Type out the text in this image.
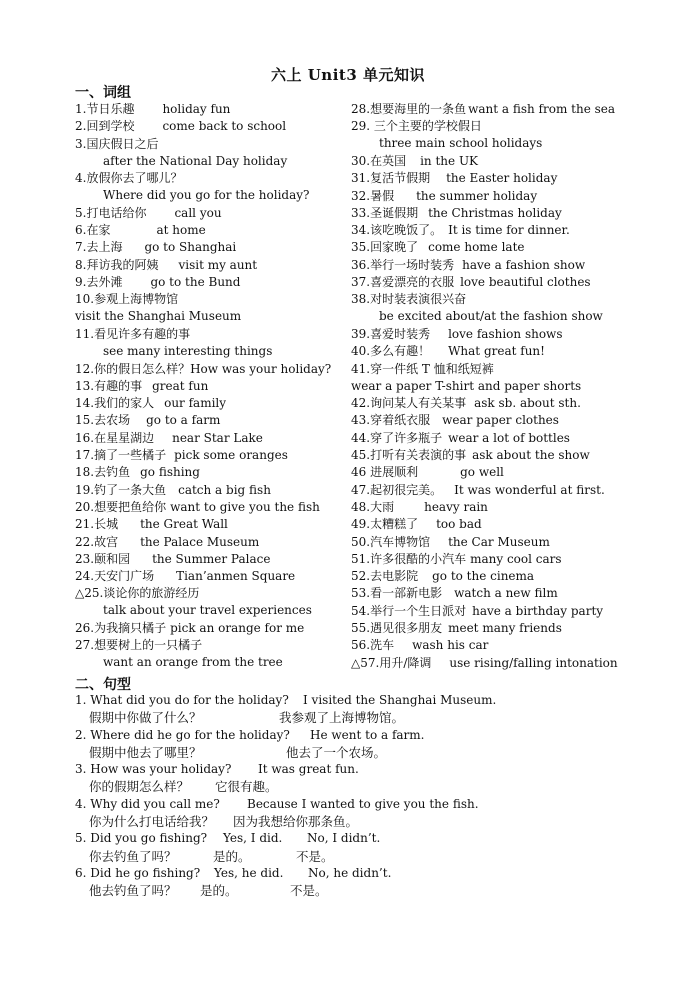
六上 Unit3 单元知识
一、词组
1.节日乐趣 holiday fun
2.回到学校 come back to school
3.国庆假日之后
after the National Day holiday
4.放假你去了哪儿？
Where did you go for the holiday?
5.打电话给你 call you
6.在家	at home
7.去上海 go to Shanghai
8.拜访我的阿姨 visit my aunt
9.去外滩 go to the Bund
10.参观上海博物馆
visit the Shanghai Museum
11.看见许多有趣的事
see many interesting things
12.你的假日怎么样？How was your holiday?
13.有趣的事 great fun
14.我们的家人 our family
15.去农场 go to a farm
16.在星星湖边 near Star Lake
17.摘了一些橘子 pick some oranges
18.去钓鱼 go fishing
19.钓了一条大鱼 catch a big fish
20.想要把鱼给你 want to give you the fish
21.长城 the Great Wall
22.故宫 the Palace Museum
23.颐和园 the Summer Palace
24.天安门广场 Tian’anmen Square
△25.谈论你的旅游经历
talk about your travel experiences
26.为我摘只橘子 pick an orange for me
27.想要树上的一只橘子
want an orange from the tree
28.想要海里的一条鱼 want a fish from the sea
29. 三个主要的学校假日
three main school holidays
30.在英国 in the UK
31.复活节假期 the Easter holiday
32.暑假 the summer holiday
33.圣诞假期 the Christmas holiday
34.该吃晚饭了。 It is time for dinner.
35.回家晚了 come home late
36.举行一场时装秀 have a fashion show
37.喜爱漂亮的衣服 love beautiful clothes
38.对时装表演很兴奋
be excited about/at the fashion show
39.喜爱时装秀 love fashion shows
40.多么有趣！ What great fun!
41.穿一件纸 T 恤和纸短裤
wear a paper T-shirt and paper shorts
42.询问某人有关某事 ask sb. about sth.
43.穿着纸衣服 wear paper clothes
44.穿了许多瓶子 wear a lot of bottles
45.打听有关表演的事 ask about the show
46 进展顺利	go well
47.起初很完美。 It was wonderful at first.
48.大雨	heavy rain
49.太糟糕了 too bad
50.汽车博物馆 the Car Museum
51.许多很酷的小汽车 many cool cars
52.去电影院 go to the cinema
53.看一部新电影 watch a new film
54.举行一个生日派对 have a birthday party
55.遇见很多朋友 meet many friends
56.洗车 wash his car
△57.用升/降调 use rising/falling intonation
二、句型
1. What did you do for the holiday? I visited the Shanghai Museum.
假期中你做了什么？	我参观了上海博物馆。
2. Where did he go for the holiday? He went to a farm.
假期中他去了哪里？	他去了一个农场。
3. How was your holiday? It was great fun.
你的假期怎么样？ 它很有趣。
4. Why did you call me? Because I wanted to give you the fish.
你为什么打电话给我？ 因为我想给你那条鱼。
5. Did you go fishing? Yes, I did. No, I didn’t.
你去钓鱼了吗？	是的。	不是。
6. Did he go fishing? Yes, he did. No, he didn’t.
他去钓鱼了吗？ 是的。	不是。
